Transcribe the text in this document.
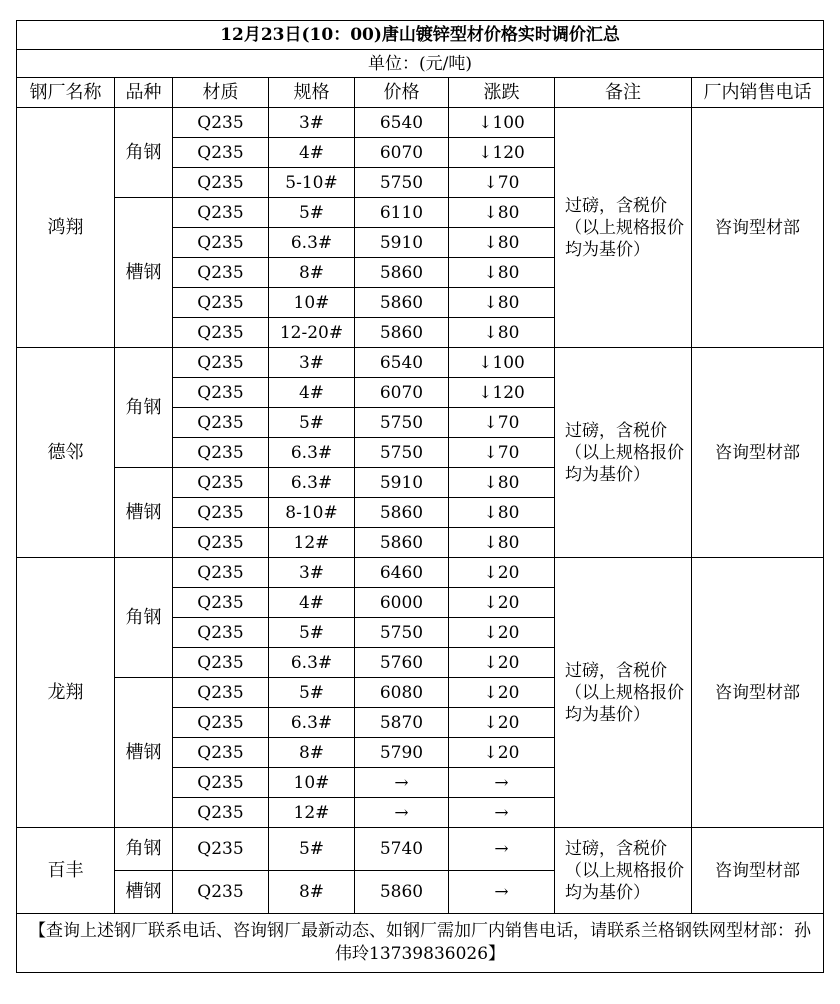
12月23日(10：00)唐山镀锌型材价格实时调价汇总							
单位：(元/吨)							
钢厂名称	品种	材质	规格	价格	涨跌	备注	厂内销售电话
鸿翔	角钢	Q235	3#	6540	↓100	过磅，含税价（以上规格报价均为基价）	咨询型材部
		Q235	4#	6070	↓120		
		Q235	5-10#	5750	↓70		
	槽钢	Q235	5#	6110	↓80		
		Q235	6.3#	5910	↓80		
		Q235	8#	5860	↓80		
		Q235	10#	5860	↓80		
		Q235	12-20#	5860	↓80		
德邻	角钢	Q235	3#	6540	↓100	过磅，含税价（以上规格报价均为基价）	咨询型材部
		Q235	4#	6070	↓120		
		Q235	5#	5750	↓70		
		Q235	6.3#	5750	↓70		
	槽钢	Q235	6.3#	5910	↓80		
		Q235	8-10#	5860	↓80		
		Q235	12#	5860	↓80		
龙翔	角钢	Q235	3#	6460	↓20	过磅，含税价（以上规格报价均为基价）	咨询型材部
		Q235	4#	6000	↓20		
		Q235	5#	5750	↓20		
		Q235	6.3#	5760	↓20		
	槽钢	Q235	5#	6080	↓20		
		Q235	6.3#	5870	↓20		
		Q235	8#	5790	↓20		
		Q235	10#	→	→		
		Q235	12#	→	→		
百丰	角钢	Q235	5#	5740	→	过磅，含税价（以上规格报价均为基价）	咨询型材部
	槽钢	Q235	8#	5860	→		
【查询上述钢厂联系电话、咨询钢厂最新动态、如钢厂需加厂内销售电话，请联系兰格钢铁网型材部：孙伟玲13739836026】							
